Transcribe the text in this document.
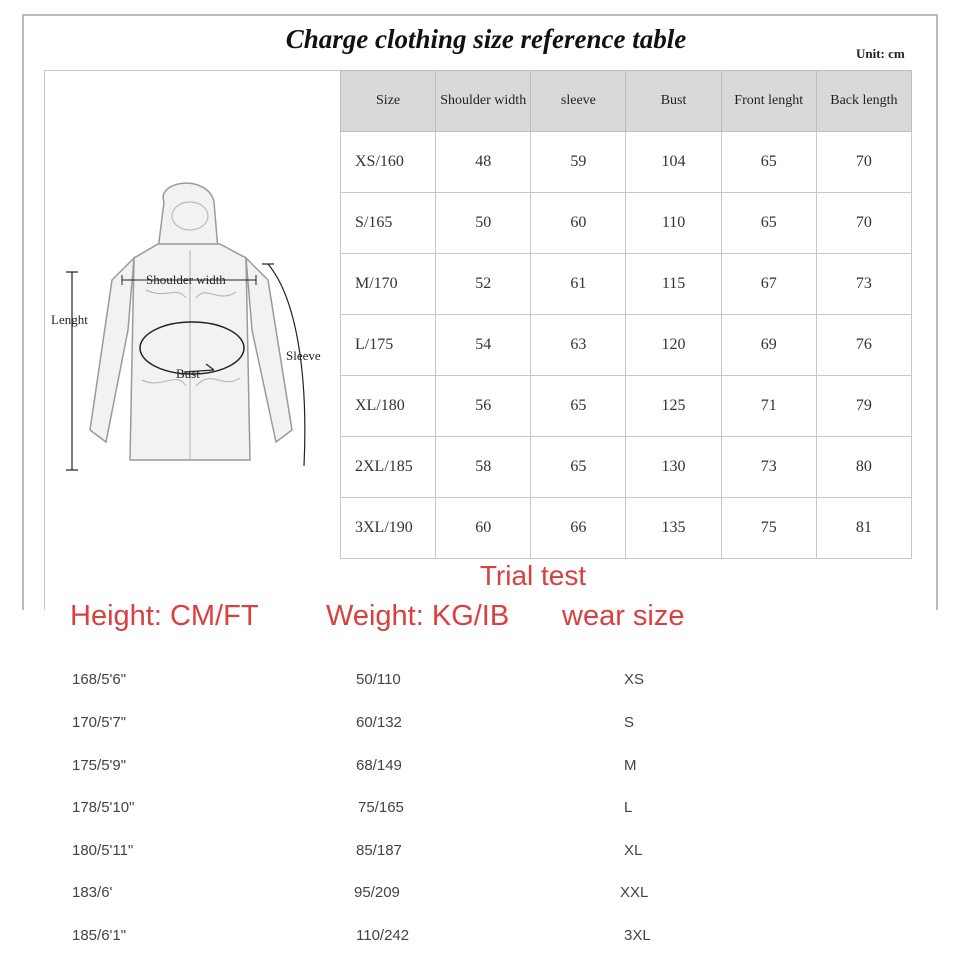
Charge clothing size reference table	Unit: cm
Shoulder width
Lenght
Sleeve
Bust
Size	Shoulder width	sleeve	Bust	Front lenght	Back length
XS/160	48	59	104	65	70
S/165	50	60	110	65	70
M/170	52	61	115	67	73
L/175	54	63	120	69	76
XL/180	56	65	125	71	79
2XL/185	58	65	130	73	80
3XL/190	60	66	135	75	81
Trial test
Height: CM/FT Weight: KG/IB wear size
168/5'6"	50/110	XS
170/5'7"	60/132	S
175/5'9"	68/149	M
178/5'10"	75/165	L
180/5'11"	85/187	XL
183/6'	95/209	XXL
185/6'1"	110/242	3XL
